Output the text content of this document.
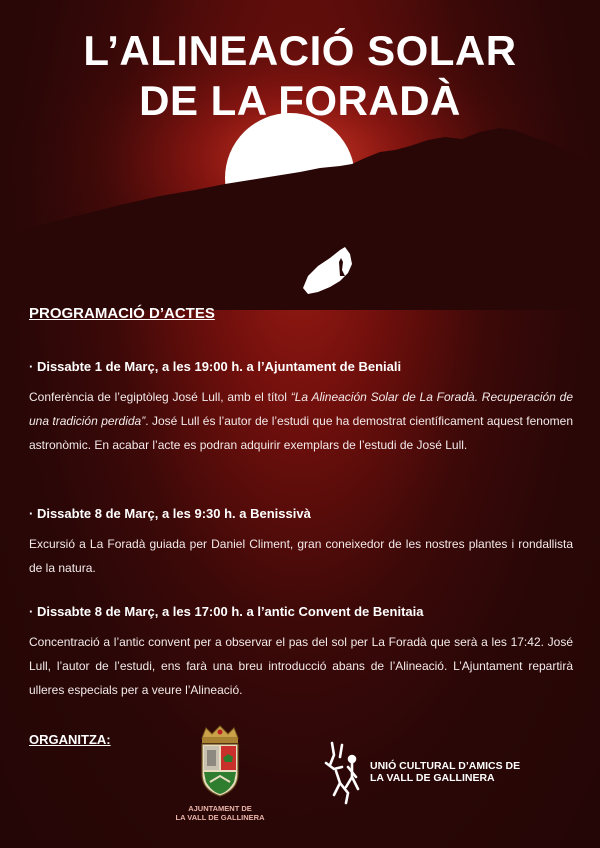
L’ALINEACIÓ SOLAR
DE LA FORADÀ
PROGRAMACIÓ D’ACTES

· Dissabte 1 de Març, a les 19:00 h. a l’Ajuntament de Beniali

Conferència de l’egiptòleg José Lull, amb el títol “La Alineación Solar de La Foradà. Recuperación de una tradición perdida”. José Lull és l’autor de l’estudi que ha demostrat científicament aquest fenomen astronòmic. En acabar l’acte es podran adquirir exemplars de l’estudi de José Lull.

· Dissabte 8 de Març, a les 9:30 h. a Benissivà

Excursió a La Foradà guiada per Daniel Climent, gran coneixedor de les nostres plantes i rondallista de la natura.

· Dissabte 8 de Març, a les 17:00 h. a l’antic Convent de Benitaia

Concentració a l’antic convent per a observar el pas del sol per La Foradà que serà a les 17:42. José Lull, l’autor de l’estudi, ens farà una breu introducció abans de l’Alineació. L’Ajuntament repartirà ulleres especials per a veure l’Alineació.
ORGANITZA:
AJUNTAMENT DE
LA VALL DE GALLINERA
UNIÓ CULTURAL D’AMICS DE
LA VALL DE GALLINERA
